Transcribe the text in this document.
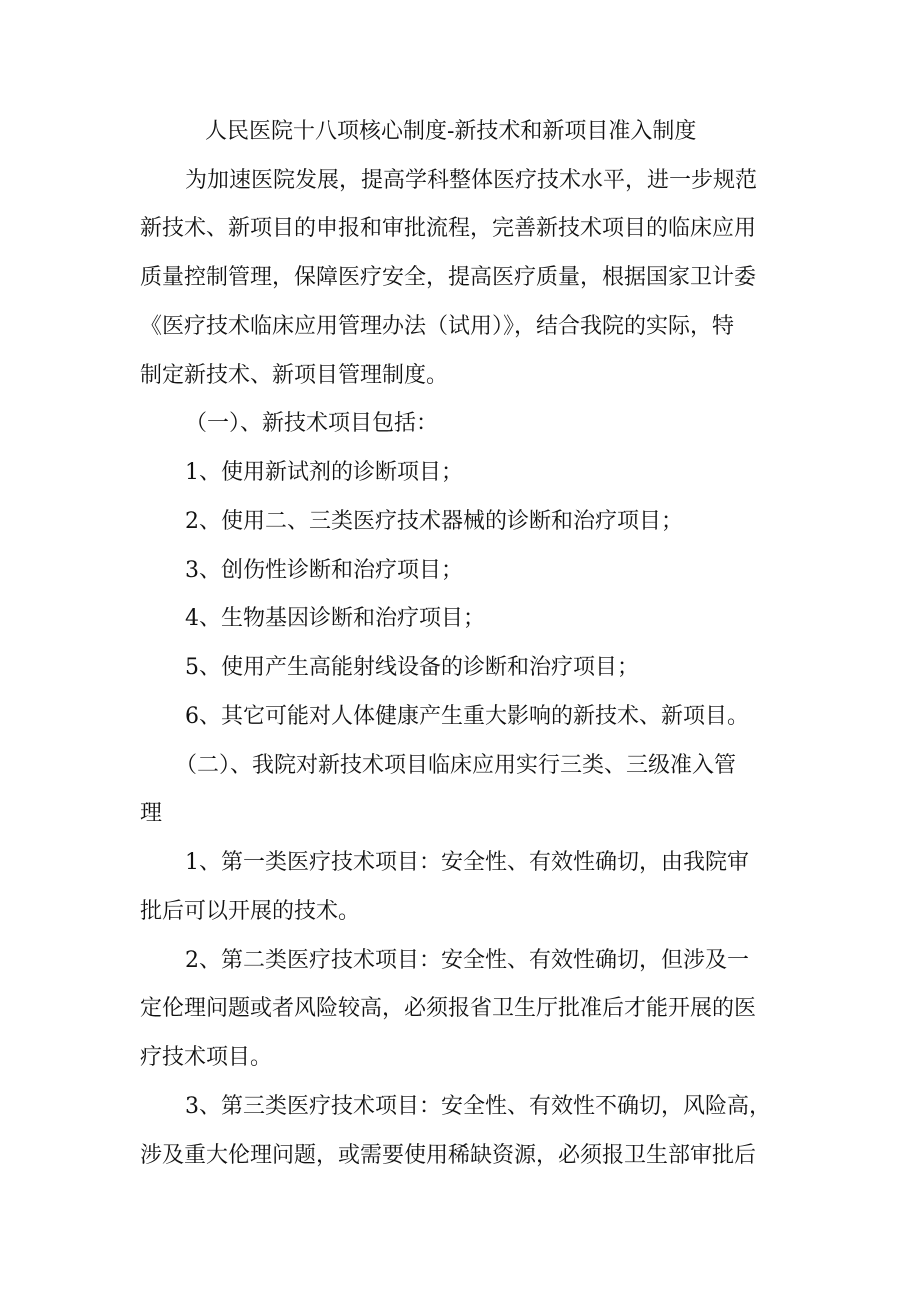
人民医院十八项核心制度-新技术和新项目准入制度
为加速医院发展，提高学科整体医疗技术水平，进一步规范
新技术、新项目的申报和审批流程，完善新技术项目的临床应用
质量控制管理，保障医疗安全，提高医疗质量，根据国家卫计委
《医疗技术临床应用管理办法（试用）》，结合我院的实际，特
制定新技术、新项目管理制度。
（一）、新技术项目包括：
1、使用新试剂的诊断项目；
2、使用二、三类医疗技术器械的诊断和治疗项目；
3、创伤性诊断和治疗项目；
4、生物基因诊断和治疗项目；
5、使用产生高能射线设备的诊断和治疗项目；
6、其它可能对人体健康产生重大影响的新技术、新项目。
（二）、我院对新技术项目临床应用实行三类、三级准入管
理
1、第一类医疗技术项目：安全性、有效性确切，由我院审
批后可以开展的技术。
2、第二类医疗技术项目：安全性、有效性确切，但涉及一
定伦理问题或者风险较高，必须报省卫生厅批准后才能开展的医
疗技术项目。
3、第三类医疗技术项目：安全性、有效性不确切，风险高，
涉及重大伦理问题，或需要使用稀缺资源，必须报卫生部审批后
